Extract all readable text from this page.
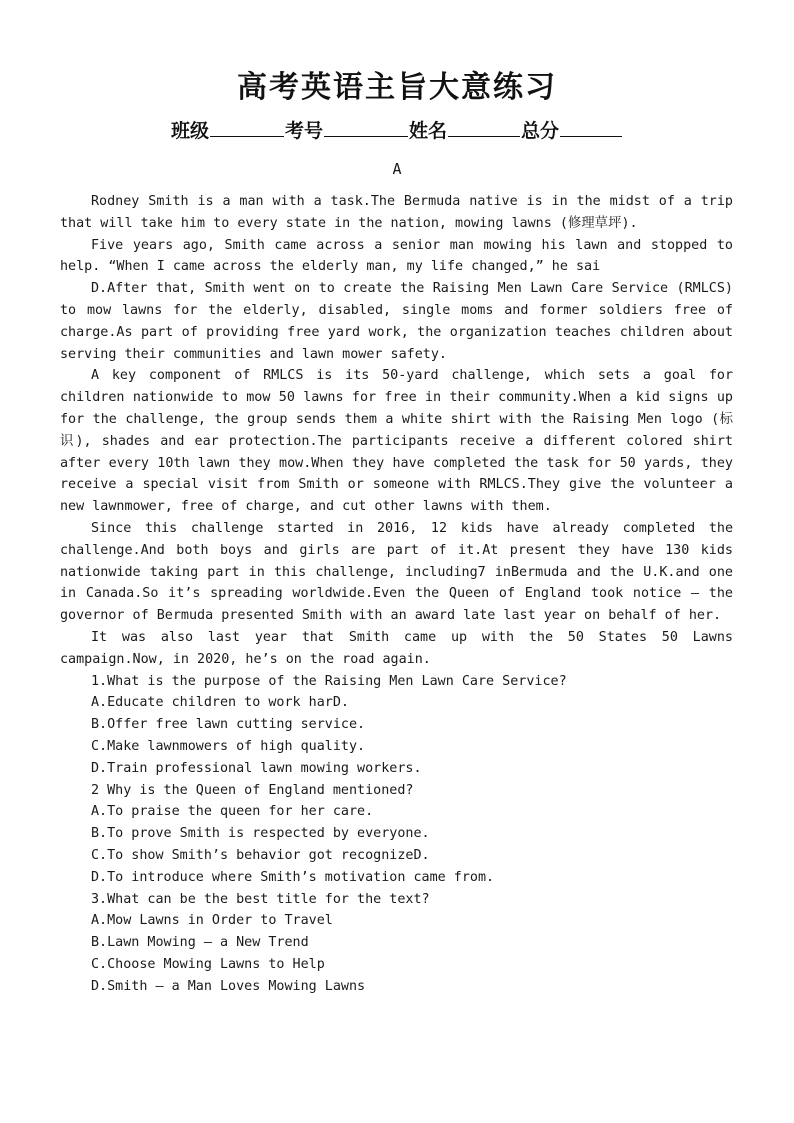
高考英语主旨大意练习
班级	考号	姓名	总分
A

Rodney Smith is a man with a task.The Bermuda native is in the midst of a trip that will take him to every state in the nation, mowing lawns (修理草坪).

Five years ago, Smith came across a senior man mowing his lawn and stopped to help. “When I came across the elderly man, my life changed,” he sai

D.After that, Smith went on to create the Raising Men Lawn Care Service (RMLCS) to mow lawns for the elderly, disabled, single moms and former soldiers free of charge.As part of providing free yard work, the organization teaches children about serving their communities and lawn mower safety.

A key component of RMLCS is its 50-yard challenge, which sets a goal for children nationwide to mow 50 lawns for free in their community.When a kid signs up for the challenge, the group sends them a white shirt with the Raising Men logo (标识), shades and ear protection.The participants receive a different colored shirt after every 10th lawn they mow.When they have completed the task for 50 yards, they receive a special visit from Smith or someone with RMLCS.They give the volunteer a new lawnmower, free of charge, and cut other lawns with them.

Since this challenge started in 2016, 12 kids have already completed the challenge.And both boys and girls are part of it.At present they have 130 kids nationwide taking part in this challenge, including7 inBermuda and the U.K.and one in Canada.So it’s spreading worldwide.Even the Queen of England took notice — the governor of Bermuda presented Smith with an award late last year on behalf of her.

It was also last year that Smith came up with the 50 States 50 Lawns campaign.Now, in 2020, he’s on the road again.

1.What is the purpose of the Raising Men Lawn Care Service?

A.Educate children to work harD.

B.Offer free lawn cutting service.

C.Make lawnmowers of high quality.

D.Train professional lawn mowing workers.

2 Why is the Queen of England mentioned?

A.To praise the queen for her care.

B.To prove Smith is respected by everyone.

C.To show Smith’s behavior got recognizeD.

D.To introduce where Smith’s motivation came from.

3.What can be the best title for the text?

A.Mow Lawns in Order to Travel

B.Lawn Mowing — a New Trend

C.Choose Mowing Lawns to Help

D.Smith — a Man Loves Mowing Lawns
